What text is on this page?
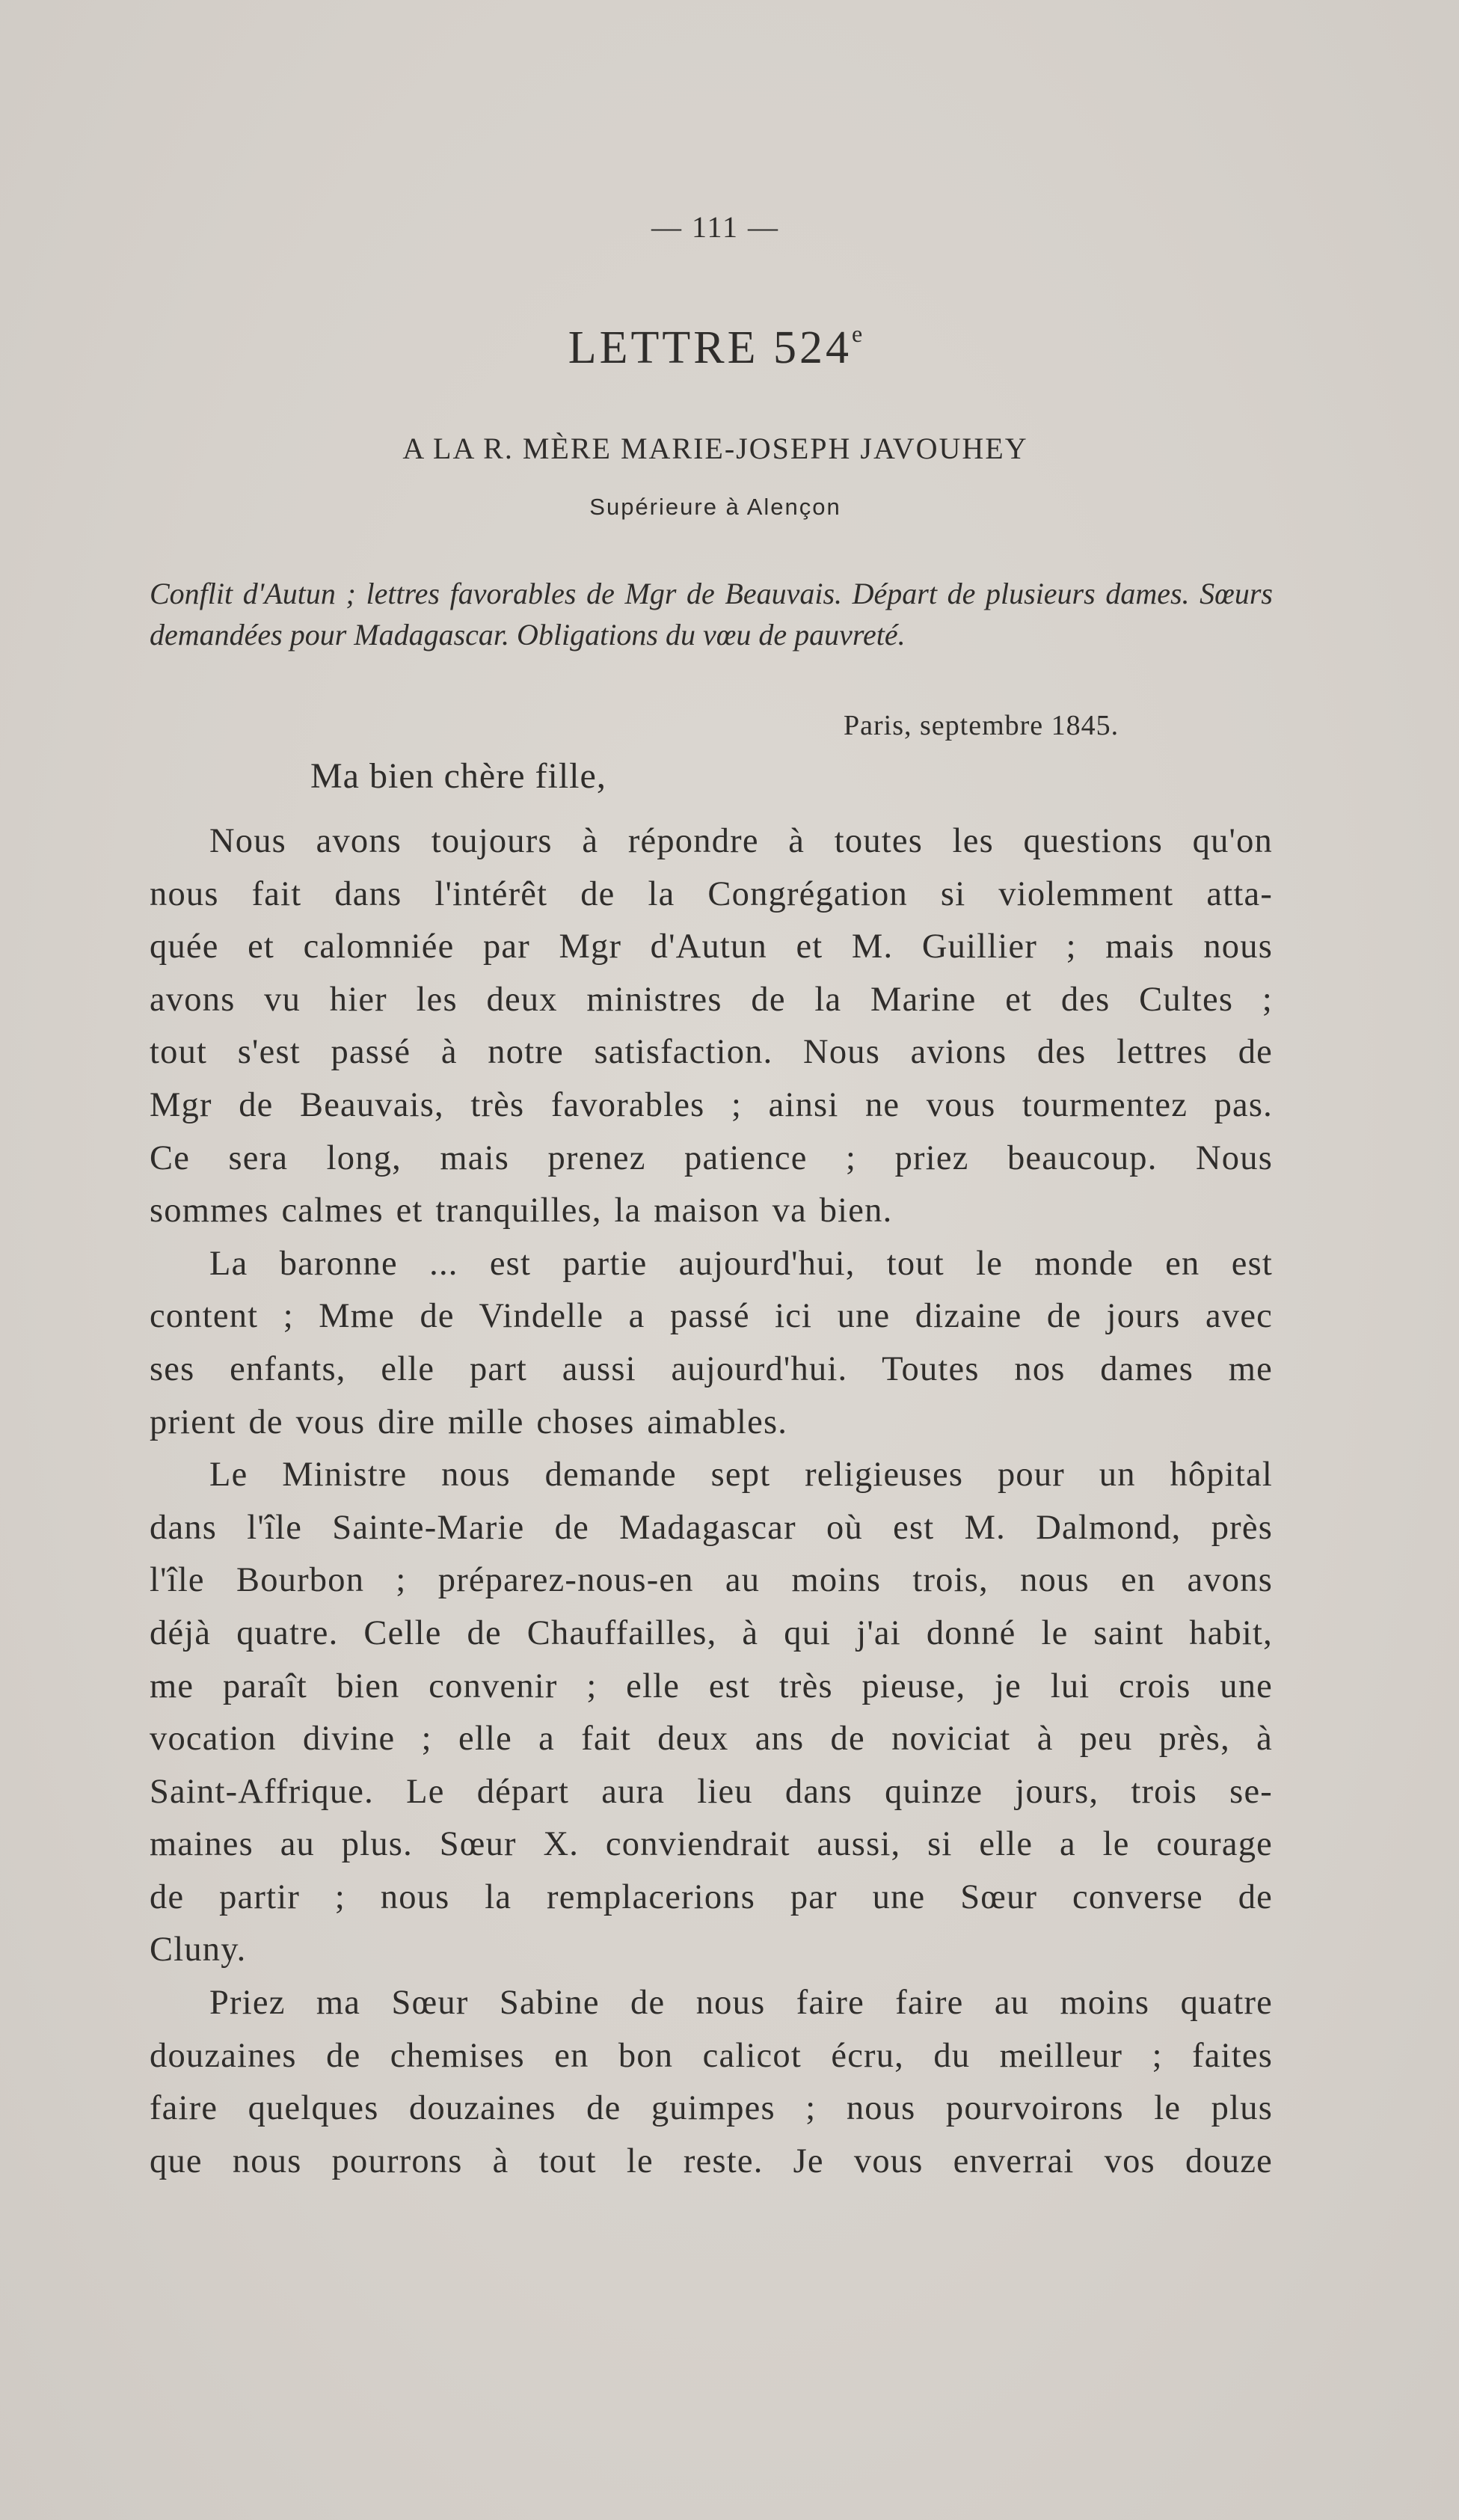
— 111 —
LETTRE 524e
A LA R. MÈRE MARIE-JOSEPH JAVOUHEY
Supérieure à Alençon
Conflit d'Autun ; lettres favorables de Mgr de Beauvais. Départ de plusieurs dames. Sœurs demandées pour Madagascar. Obligations du vœu de pauvreté.
Paris, septembre 1845.
Ma bien chère fille,
Nous avons toujours à répondre à toutes les questions qu'on
nous fait dans l'intérêt de la Congrégation si violemment atta-
quée et calomniée par Mgr d'Autun et M. Guillier ; mais nous
avons vu hier les deux ministres de la Marine et des Cultes ;
tout s'est passé à notre satisfaction. Nous avions des lettres de
Mgr de Beauvais, très favorables ; ainsi ne vous tourmentez pas.
Ce sera long, mais prenez patience ; priez beaucoup. Nous
sommes calmes et tranquilles, la maison va bien.
La baronne ... est partie aujourd'hui, tout le monde en est
content ; Mme de Vindelle a passé ici une dizaine de jours avec
ses enfants, elle part aussi aujourd'hui. Toutes nos dames me
prient de vous dire mille choses aimables.
Le Ministre nous demande sept religieuses pour un hôpital
dans l'île Sainte-Marie de Madagascar où est M. Dalmond, près
l'île Bourbon ; préparez-nous-en au moins trois, nous en avons
déjà quatre. Celle de Chauffailles, à qui j'ai donné le saint habit,
me paraît bien convenir ; elle est très pieuse, je lui crois une
vocation divine ; elle a fait deux ans de noviciat à peu près, à
Saint-Affrique. Le départ aura lieu dans quinze jours, trois se-
maines au plus. Sœur X. conviendrait aussi, si elle a le courage
de partir ; nous la remplacerions par une Sœur converse de
Cluny.
Priez ma Sœur Sabine de nous faire faire au moins quatre
douzaines de chemises en bon calicot écru, du meilleur ; faites
faire quelques douzaines de guimpes ; nous pourvoirons le plus
que nous pourrons à tout le reste. Je vous enverrai vos douze
